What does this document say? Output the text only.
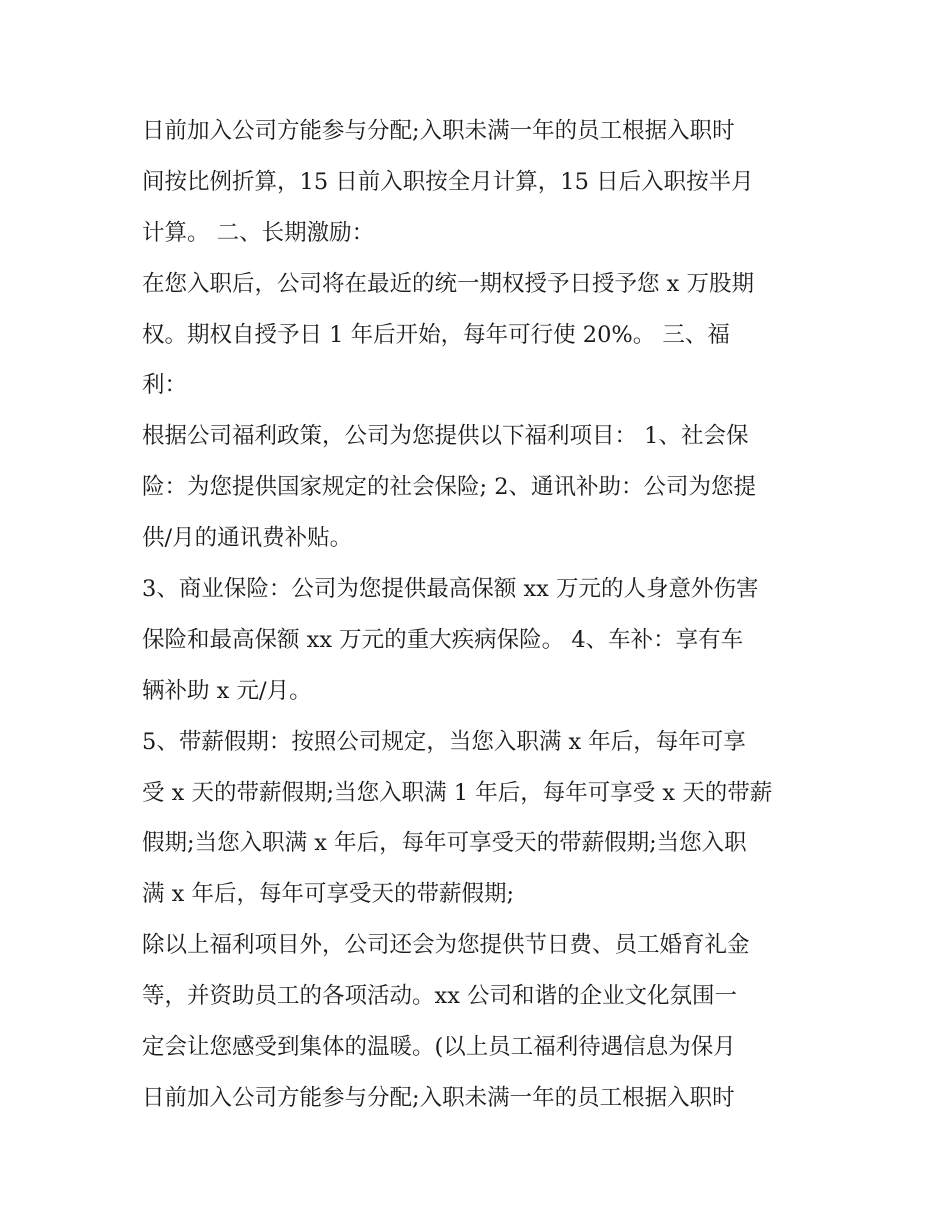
日前加入公司方能参与分配;入职未满一年的员工根据入职时
间按比例折算，15 日前入职按全月计算，15 日后入职按半月
计算。 二、长期激励：
在您入职后，公司将在最近的统一期权授予日授予您 x 万股期
权。期权自授予日 1 年后开始，每年可行使 20%。 三、福
利：
根据公司福利政策，公司为您提供以下福利项目： 1、社会保
险：为您提供国家规定的社会保险; 2、通讯补助：公司为您提
供/月的通讯费补贴。
3、商业保险：公司为您提供最高保额 xx 万元的人身意外伤害
保险和最高保额 xx 万元的重大疾病保险。 4、车补：享有车
辆补助 x 元/月。
5、带薪假期：按照公司规定，当您入职满 x 年后，每年可享
受 x 天的带薪假期;当您入职满 1 年后，每年可享受 x 天的带薪
假期;当您入职满 x 年后，每年可享受天的带薪假期;当您入职
满 x 年后，每年可享受天的带薪假期;
除以上福利项目外，公司还会为您提供节日费、员工婚育礼金
等，并资助员工的各项活动。xx 公司和谐的企业文化氛围一
定会让您感受到集体的温暖。(以上员工福利待遇信息为保月
日前加入公司方能参与分配;入职未满一年的员工根据入职时
